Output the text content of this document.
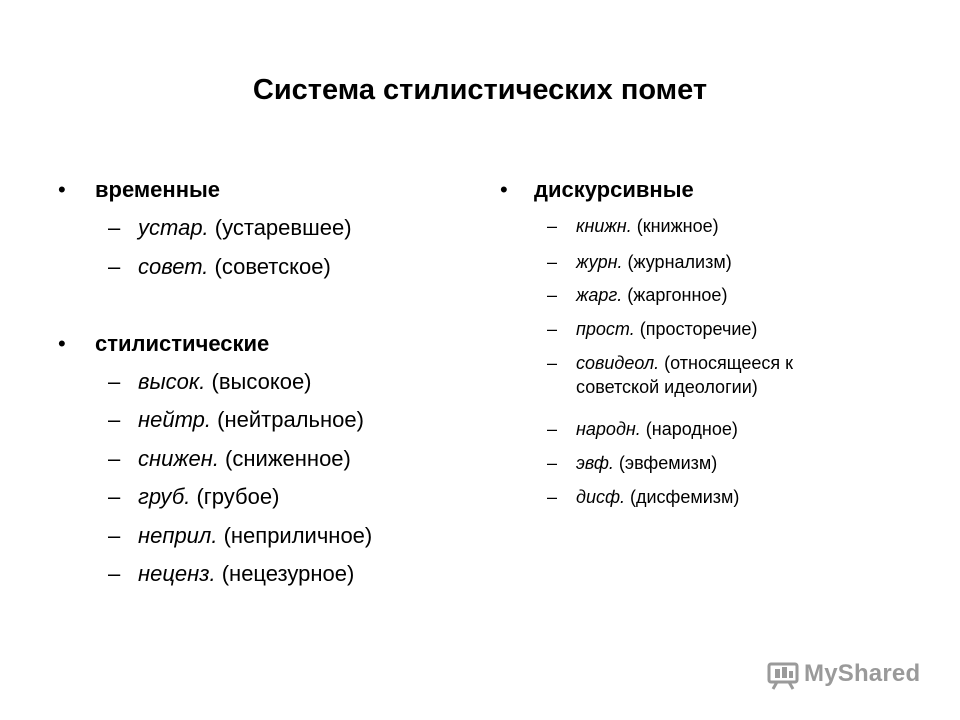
Система стилистических помет
• временные
– устар. (устаревшее)
– совет. (советское)
• стилистические
– высок. (высокое)
– нейтр. (нейтральное)
– снижен. (сниженное)
– груб. (грубое)
– неприл. (неприличное)
– неценз. (нецезурное)
• дискурсивные
– книжн. (книжное)
– журн. (журнализм)
– жарг. (жаргонное)
– прост. (просторечие)
– совидеол. (относящееся к советской идеологии)
– народн. (народное)
– эвф. (эвфемизм)
– дисф. (дисфемизм)
MyShared
